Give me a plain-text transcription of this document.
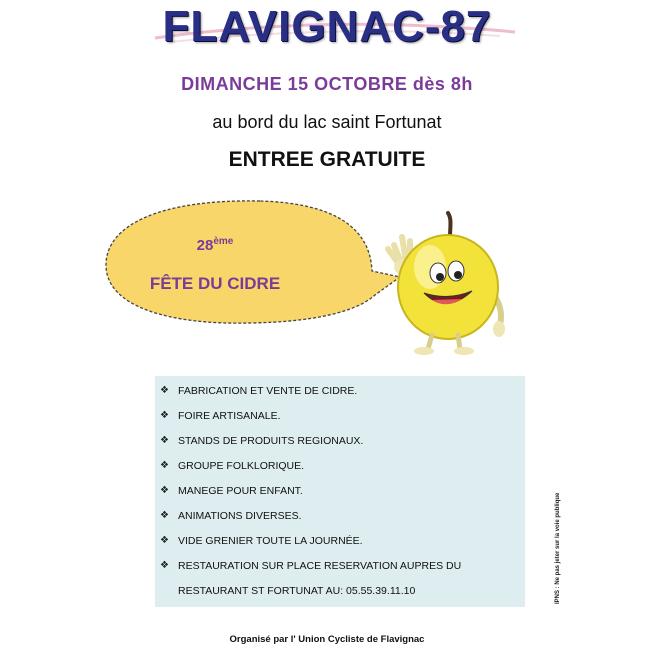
FLAVIGNAC-87
DIMANCHE 15 OCTOBRE dès 8h
au bord du lac saint Fortunat
ENTREE GRATUITE
28ème
FÊTE DU CIDRE
❖ FABRICATION ET VENTE DE CIDRE.
❖ FOIRE ARTISANALE.
❖ STANDS DE PRODUITS REGIONAUX.
❖ GROUPE FOLKLORIQUE.
❖ MANEGE POUR ENFANT.
❖ ANIMATIONS DIVERSES.
❖ VIDE GRENIER TOUTE LA JOURNÉE.
❖ RESTAURATION SUR PLACE RESERVATION AUPRES DU
RESTAURANT ST FORTUNAT AU: 05.55.39.11.10	IPNS : Ne pas jeter sur la voie publique
Organisé par l' Union Cycliste de Flavignac
